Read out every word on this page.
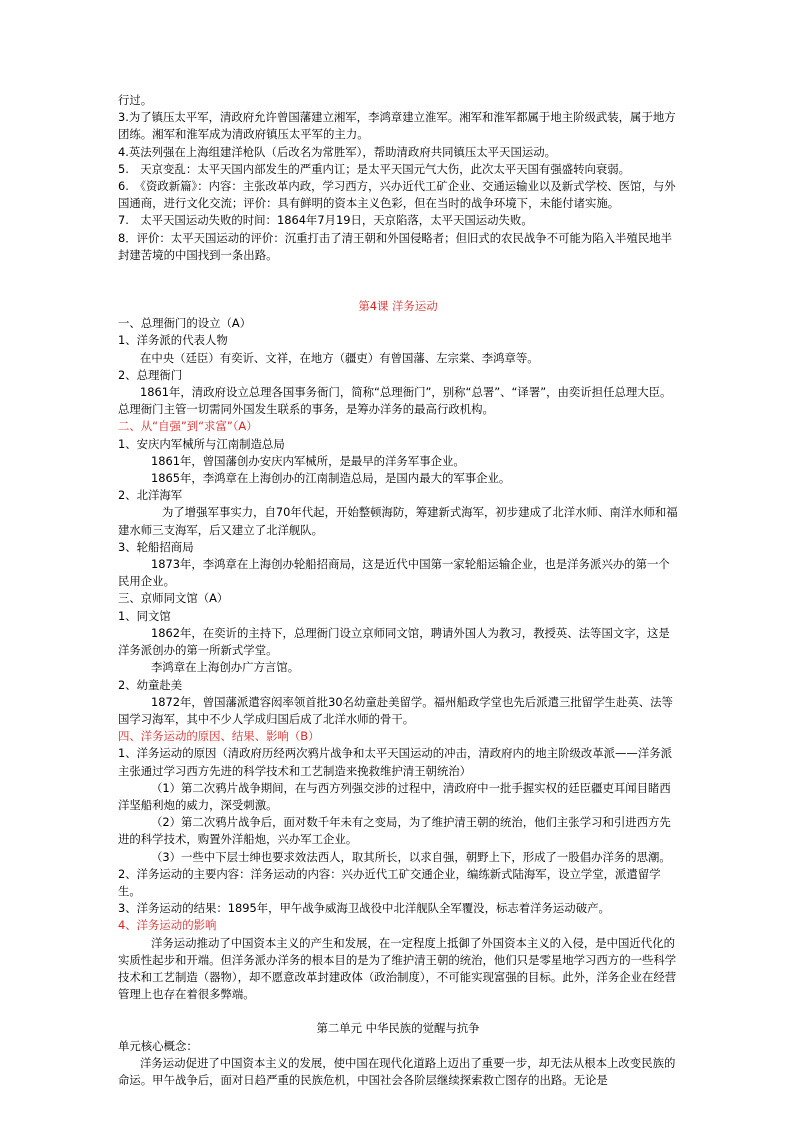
行过。

3.为了镇压太平军，清政府允许曾国藩建立湘军，李鸿章建立淮军。湘军和淮军都属于地主阶级武装，属于地方团练。湘军和淮军成为清政府镇压太平军的主力。

4.英法列强在上海组建洋枪队（后改名为常胜军），帮助清政府共同镇压太平天国运动。

5.　天京变乱：太平天国内部发生的严重内讧；是太平天国元气大伤，此次太平天国有强盛转向衰弱。

6.　《资政新篇》：内容：主张改革内政，学习西方，兴办近代工矿企业、交通运输业以及新式学校、医馆，与外国通商，进行文化交流；评价：具有鲜明的资本主义色彩，但在当时的战争环境下，未能付诸实施。

7.　太平天国运动失败的时间：1864年7月19日，天京陷落，太平天国运动失败。

8．评价：太平天国运动的评价：沉重打击了清王朝和外国侵略者；但旧式的农民战争不可能为陷入半殖民地半封建苦境的中国找到一条出路。

第4课 洋务运动

一、总理衙门的设立（A）

1、洋务派的代表人物

在中央（廷臣）有奕䜣、文祥，在地方（疆吏）有曾国藩、左宗棠、李鸿章等。

2、总理衙门

1861年，清政府设立总理各国事务衙门，简称“总理衙门”，别称“总署”、“译署”，由奕䜣担任总理大臣。总理衙门主管一切需同外国发生联系的事务，是筹办洋务的最高行政机构。

二、从“自强”到“求富”（A）

1、安庆内军械所与江南制造总局

1861年，曾国藩创办安庆内军械所，是最早的洋务军事企业。

1865年，李鸿章在上海创办的江南制造总局，是国内最大的军事企业。

2、北洋海军

为了增强军事实力，自70年代起，开始整顿海防，筹建新式海军，初步建成了北洋水师、南洋水师和福建水师三支海军，后又建立了北洋舰队。

3、轮船招商局

1873年，李鸿章在上海创办轮船招商局，这是近代中国第一家轮船运输企业，也是洋务派兴办的第一个民用企业。

三、京师同文馆（A）

1、同文馆

1862年，在奕䜣的主持下，总理衙门设立京师同文馆，聘请外国人为教习，教授英、法等国文字，这是洋务派创办的第一所新式学堂。

李鸿章在上海创办广方言馆。

2、幼童赴美

1872年，曾国藩派遣容闳率领首批30名幼童赴美留学。福州船政学堂也先后派遣三批留学生赴英、法等国学习海军，其中不少人学成归国后成了北洋水师的骨干。

四、洋务运动的原因、结果、影响（B）

1、洋务运动的原因（清政府历经两次鸦片战争和太平天国运动的冲击，清政府内的地主阶级改革派——洋务派主张通过学习西方先进的科学技术和工艺制造来挽救维护清王朝统治）

（1）第二次鸦片战争期间，在与西方列强交涉的过程中，清政府中一批手握实权的廷臣疆吏耳闻目睹西洋坚船利炮的威力，深受刺激。

（2）第二次鸦片战争后，面对数千年未有之变局，为了维护清王朝的统治，他们主张学习和引进西方先进的科学技术，购置外洋船炮，兴办军工企业。

（3）一些中下层士绅也要求效法西人，取其所长，以求自强，朝野上下，形成了一股倡办洋务的思潮。

2、洋务运动的主要内容：洋务运动的内容：兴办近代工矿交通企业，编练新式陆海军，设立学堂，派遣留学生。

3、洋务运动的结果：1895年，甲午战争威海卫战役中北洋舰队全军覆没，标志着洋务运动破产。

4、洋务运动的影响

洋务运动推动了中国资本主义的产生和发展，在一定程度上抵御了外国资本主义的入侵，是中国近代化的实质性起步和开端。但洋务派办洋务的根本目的是为了维护清王朝的统治，他们只是零星地学习西方的一些科学技术和工艺制造（器物），却不愿意改革封建政体（政治制度），不可能实现富强的目标。此外，洋务企业在经营管理上也存在着很多弊端。

第二单元 中华民族的觉醒与抗争

单元核心概念：

洋务运动促进了中国资本主义的发展，使中国在现代化道路上迈出了重要一步，却无法从根本上改变民族的命运。甲午战争后，面对日趋严重的民族危机，中国社会各阶层继续探索救亡图存的出路。无论是
